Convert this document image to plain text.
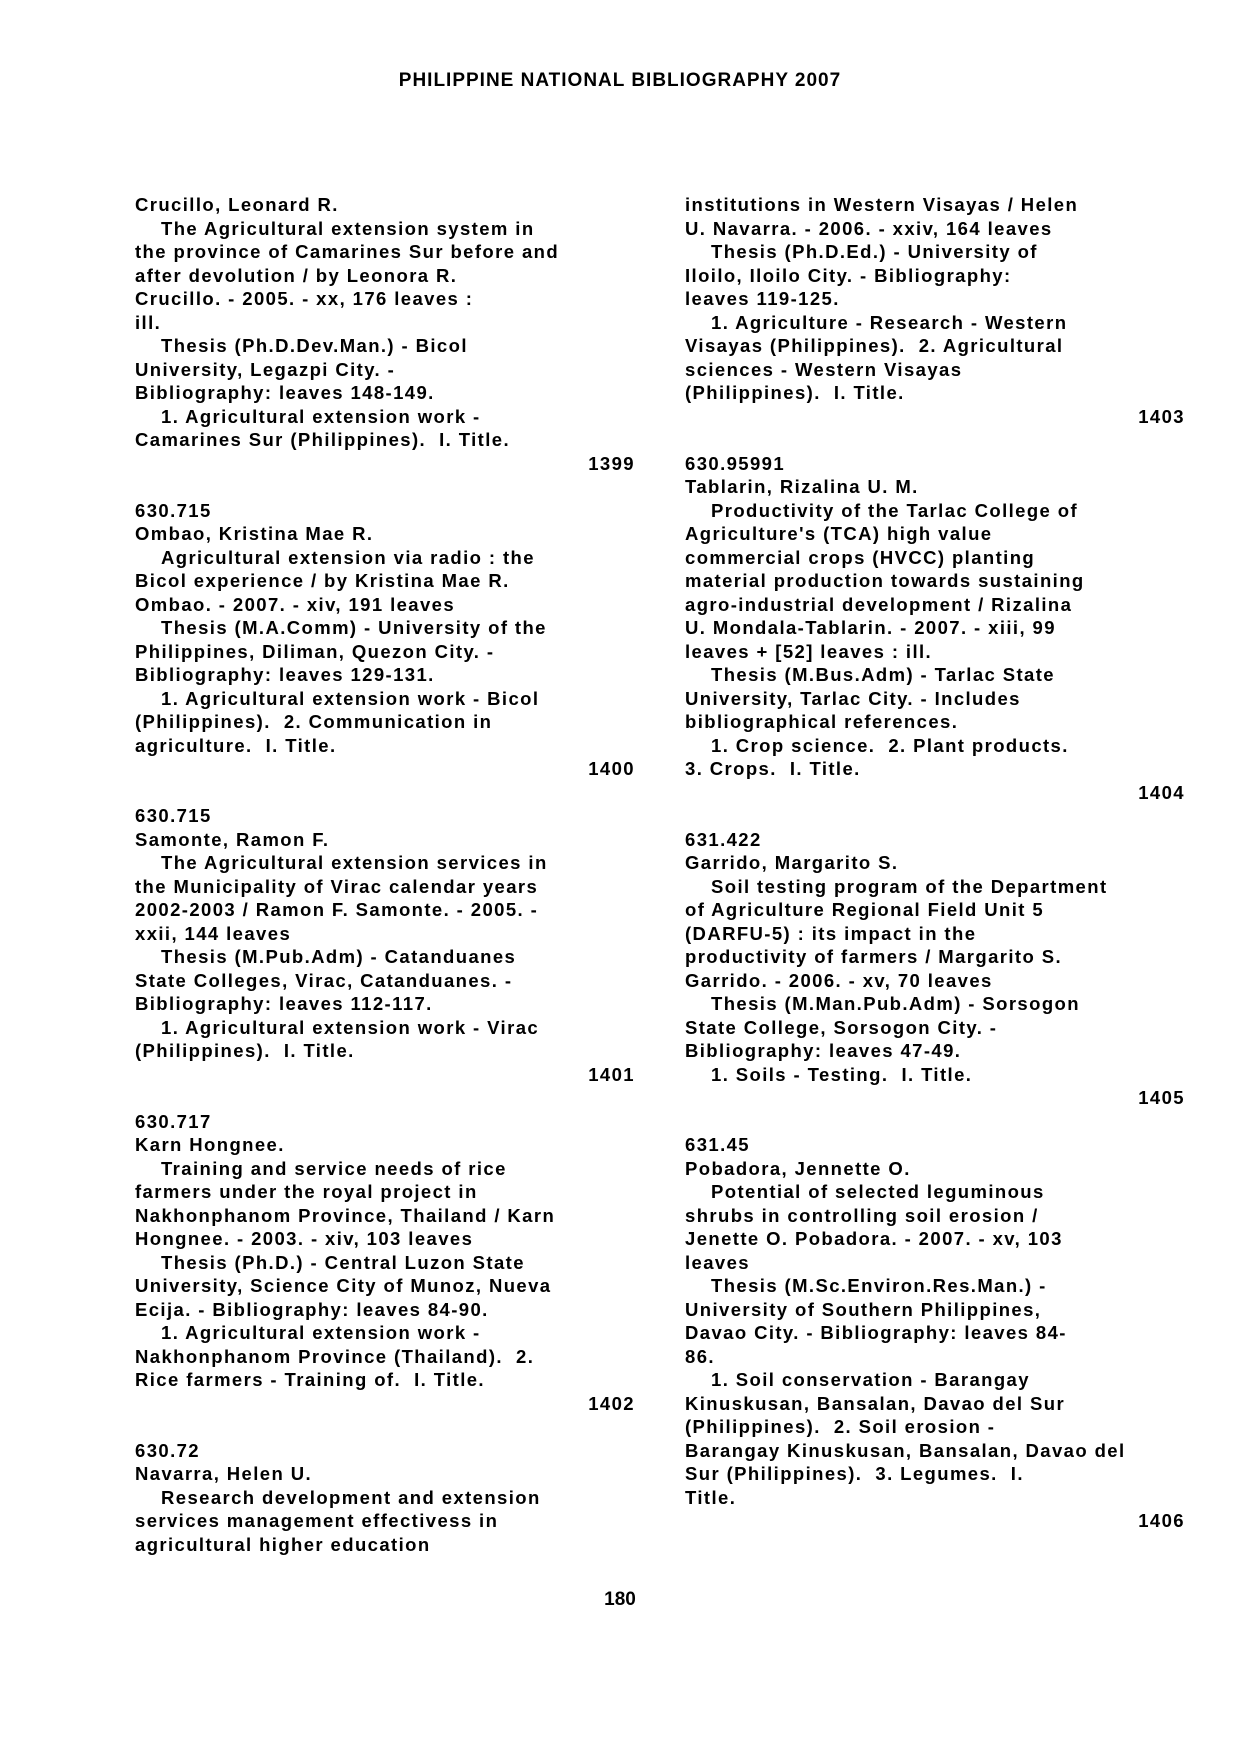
PHILIPPINE NATIONAL BIBLIOGRAPHY 2007
Crucillo, Leonard R.
The Agricultural extension system in
the province of Camarines Sur before and
after devolution / by Leonora R.
Crucillo. - 2005. - xx, 176 leaves :
ill.
Thesis (Ph.D.Dev.Man.) - Bicol
University, Legazpi City. -
Bibliography: leaves 148-149.
1. Agricultural extension work -
Camarines Sur (Philippines).  I. Title.
1399
630.715
Ombao, Kristina Mae R.
Agricultural extension via radio : the
Bicol experience / by Kristina Mae R.
Ombao. - 2007. - xiv, 191 leaves
Thesis (M.A.Comm) - University of the
Philippines, Diliman, Quezon City. -
Bibliography: leaves 129-131.
1. Agricultural extension work - Bicol
(Philippines).  2. Communication in
agriculture.  I. Title.
1400
630.715
Samonte, Ramon F.
The Agricultural extension services in
the Municipality of Virac calendar years
2002-2003 / Ramon F. Samonte. - 2005. -
xxii, 144 leaves
Thesis (M.Pub.Adm) - Catanduanes
State Colleges, Virac, Catanduanes. -
Bibliography: leaves 112-117.
1. Agricultural extension work - Virac
(Philippines).  I. Title.
1401
630.717
Karn Hongnee.
Training and service needs of rice
farmers under the royal project in
Nakhonphanom Province, Thailand / Karn
Hongnee. - 2003. - xiv, 103 leaves
Thesis (Ph.D.) - Central Luzon State
University, Science City of Munoz, Nueva
Ecija. - Bibliography: leaves 84-90.
1. Agricultural extension work -
Nakhonphanom Province (Thailand).  2.
Rice farmers - Training of.  I. Title.
1402
630.72
Navarra, Helen U.
Research development and extension
services management effectivess in
agricultural higher education
institutions in Western Visayas / Helen
U. Navarra. - 2006. - xxiv, 164 leaves
Thesis (Ph.D.Ed.) - University of
Iloilo, Iloilo City. - Bibliography:
leaves 119-125.
1. Agriculture - Research - Western
Visayas (Philippines).  2. Agricultural
sciences - Western Visayas
(Philippines).  I. Title.
1403
630.95991
Tablarin, Rizalina U. M.
Productivity of the Tarlac College of
Agriculture's (TCA) high value
commercial crops (HVCC) planting
material production towards sustaining
agro-industrial development / Rizalina
U. Mondala-Tablarin. - 2007. - xiii, 99
leaves + [52] leaves : ill.
Thesis (M.Bus.Adm) - Tarlac State
University, Tarlac City. - Includes
bibliographical references.
1. Crop science.  2. Plant products.
3. Crops.  I. Title.
1404
631.422
Garrido, Margarito S.
Soil testing program of the Department
of Agriculture Regional Field Unit 5
(DARFU-5) : its impact in the
productivity of farmers / Margarito S.
Garrido. - 2006. - xv, 70 leaves
Thesis (M.Man.Pub.Adm) - Sorsogon
State College, Sorsogon City. -
Bibliography: leaves 47-49.
1. Soils - Testing.  I. Title.
1405
631.45
Pobadora, Jennette O.
Potential of selected leguminous
shrubs in controlling soil erosion /
Jenette O. Pobadora. - 2007. - xv, 103
leaves
Thesis (M.Sc.Environ.Res.Man.) -
University of Southern Philippines,
Davao City. - Bibliography: leaves 84-
86.
1. Soil conservation - Barangay
Kinuskusan, Bansalan, Davao del Sur
(Philippines).  2. Soil erosion -
Barangay Kinuskusan, Bansalan, Davao del
Sur (Philippines).  3. Legumes.  I.
Title.
1406
180
